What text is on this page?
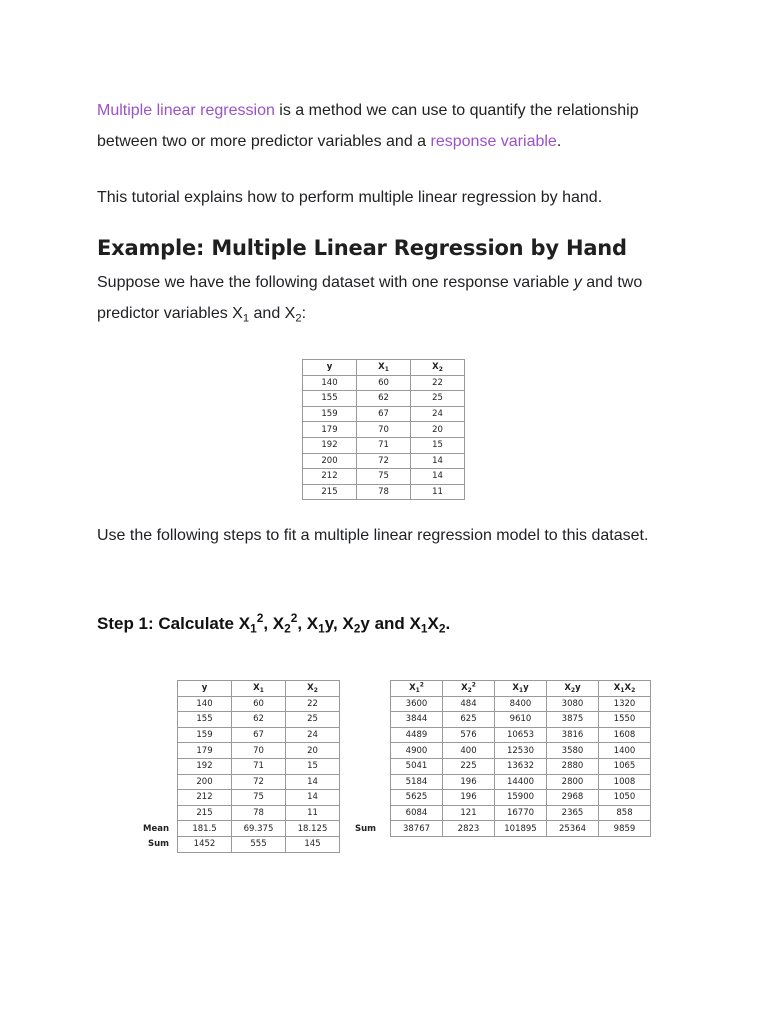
Multiple linear regression is a method we can use to quantify the relationship between two or more predictor variables and a response variable.

This tutorial explains how to perform multiple linear regression by hand.

Example: Multiple Linear Regression by Hand

Suppose we have the following dataset with one response variable y and two predictor variables $X_1$ and $X_2$:

y	$X_1$	$X_2$
140	60	22
155	62	25
159	67	24
179	70	20
192	71	15
200	72	14
212	75	14
215	78	11

Use the following steps to fit a multiple linear regression model to this dataset.

Step 1: Calculate $X_1^2$, $X_2^2$, $X_1y$, $X_2y$ and $X_1X_2$.
	y	$X_1$	$X_2$
	140	60	22
	155	62	25
	159	67	24
	179	70	20
	192	71	15
	200	72	14
	212	75	14
	215	78	11
Mean	181.5	69.375	18.125
Sum	1452	555	145
	$X_1^2$	$X_2^2$	$X_1y$	$X_2y$	$X_1X_2$
	3600	484	8400	3080	1320
	3844	625	9610	3875	1550
	4489	576	10653	3816	1608
	4900	400	12530	3580	1400
	5041	225	13632	2880	1065
	5184	196	14400	2800	1008
	5625	196	15900	2968	1050
	6084	121	16770	2365	858
Sum	38767	2823	101895	25364	9859
